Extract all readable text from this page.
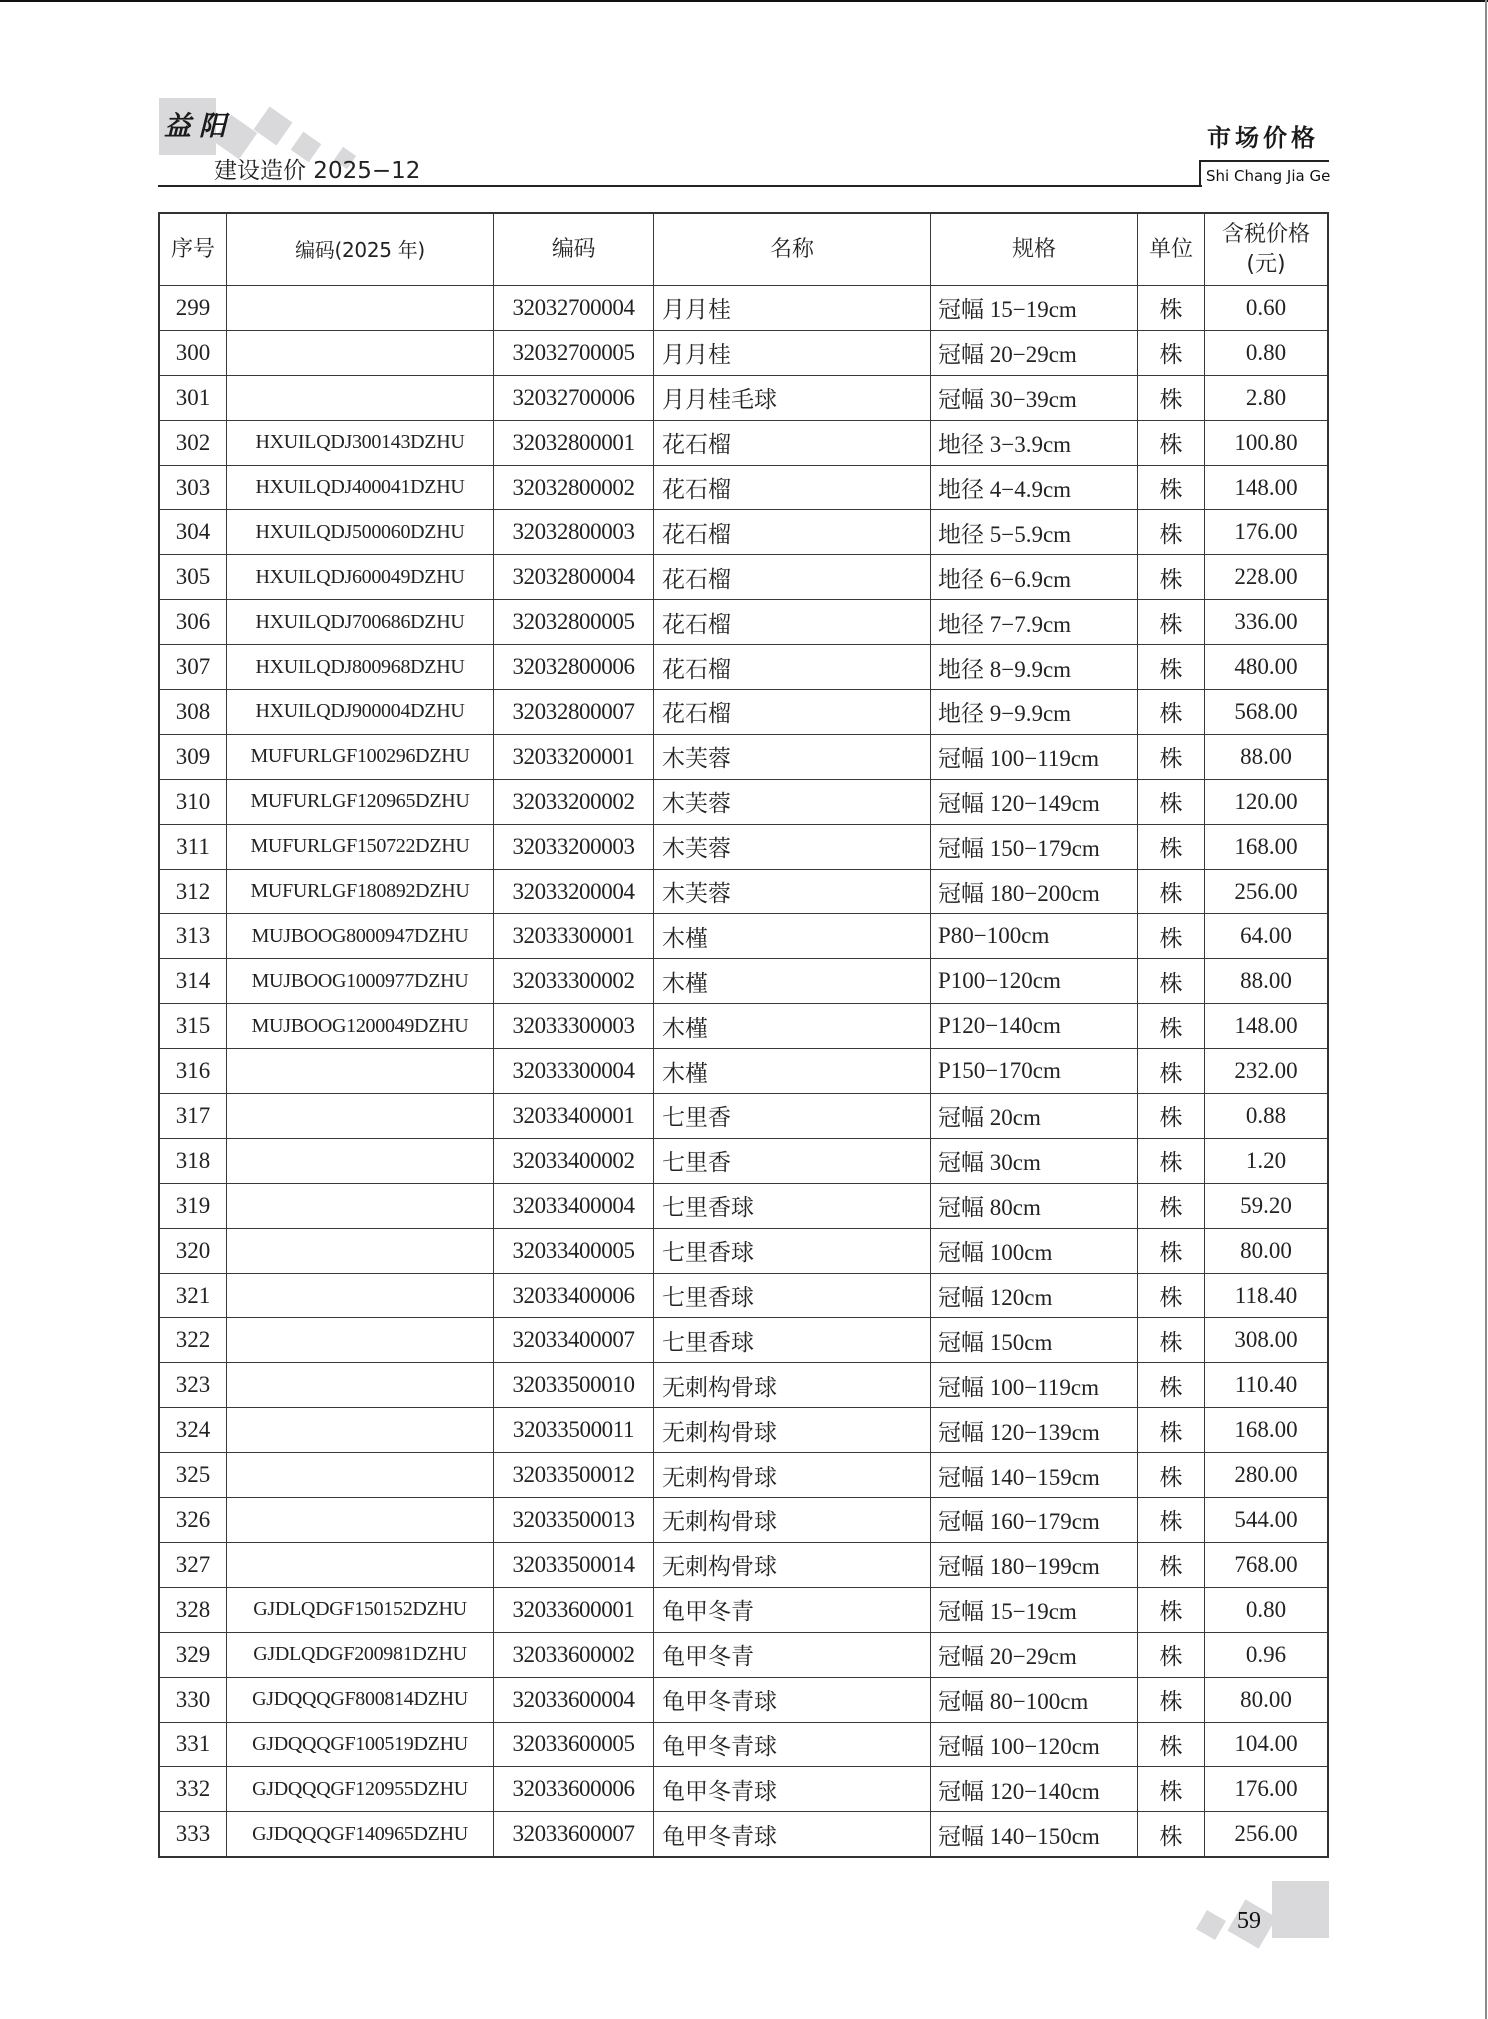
益阳
建设造价 2025−12
市场价格
Shi Chang Jia Ge
序号	编码(2025 年)	编码	名称	规格	单位	含税价格
(元)

299		32032700004	月月桂	冠幅 15−19cm	株	0.60
300		32032700005	月月桂	冠幅 20−29cm	株	0.80
301		32032700006	月月桂毛球	冠幅 30−39cm	株	2.80
302	HXUILQDJ300143DZHU	32032800001	花石榴	地径 3−3.9cm	株	100.80
303	HXUILQDJ400041DZHU	32032800002	花石榴	地径 4−4.9cm	株	148.00
304	HXUILQDJ500060DZHU	32032800003	花石榴	地径 5−5.9cm	株	176.00
305	HXUILQDJ600049DZHU	32032800004	花石榴	地径 6−6.9cm	株	228.00
306	HXUILQDJ700686DZHU	32032800005	花石榴	地径 7−7.9cm	株	336.00
307	HXUILQDJ800968DZHU	32032800006	花石榴	地径 8−9.9cm	株	480.00
308	HXUILQDJ900004DZHU	32032800007	花石榴	地径 9−9.9cm	株	568.00
309	MUFURLGF100296DZHU	32033200001	木芙蓉	冠幅 100−119cm	株	88.00
310	MUFURLGF120965DZHU	32033200002	木芙蓉	冠幅 120−149cm	株	120.00
311	MUFURLGF150722DZHU	32033200003	木芙蓉	冠幅 150−179cm	株	168.00
312	MUFURLGF180892DZHU	32033200004	木芙蓉	冠幅 180−200cm	株	256.00
313	MUJBOOG8000947DZHU	32033300001	木槿	P80−100cm	株	64.00
314	MUJBOOG1000977DZHU	32033300002	木槿	P100−120cm	株	88.00
315	MUJBOOG1200049DZHU	32033300003	木槿	P120−140cm	株	148.00
316		32033300004	木槿	P150−170cm	株	232.00
317		32033400001	七里香	冠幅 20cm	株	0.88
318		32033400002	七里香	冠幅 30cm	株	1.20
319		32033400004	七里香球	冠幅 80cm	株	59.20
320		32033400005	七里香球	冠幅 100cm	株	80.00
321		32033400006	七里香球	冠幅 120cm	株	118.40
322		32033400007	七里香球	冠幅 150cm	株	308.00
323		32033500010	无刺构骨球	冠幅 100−119cm	株	110.40
324		32033500011	无刺构骨球	冠幅 120−139cm	株	168.00
325		32033500012	无刺构骨球	冠幅 140−159cm	株	280.00
326		32033500013	无刺构骨球	冠幅 160−179cm	株	544.00
327		32033500014	无刺构骨球	冠幅 180−199cm	株	768.00
328	GJDLQDGF150152DZHU	32033600001	龟甲冬青	冠幅 15−19cm	株	0.80
329	GJDLQDGF200981DZHU	32033600002	龟甲冬青	冠幅 20−29cm	株	0.96
330	GJDQQQGF800814DZHU	32033600004	龟甲冬青球	冠幅 80−100cm	株	80.00
331	GJDQQQGF100519DZHU	32033600005	龟甲冬青球	冠幅 100−120cm	株	104.00
332	GJDQQQGF120955DZHU	32033600006	龟甲冬青球	冠幅 120−140cm	株	176.00
333	GJDQQQGF140965DZHU	32033600007	龟甲冬青球	冠幅 140−150cm	株	256.00
59
